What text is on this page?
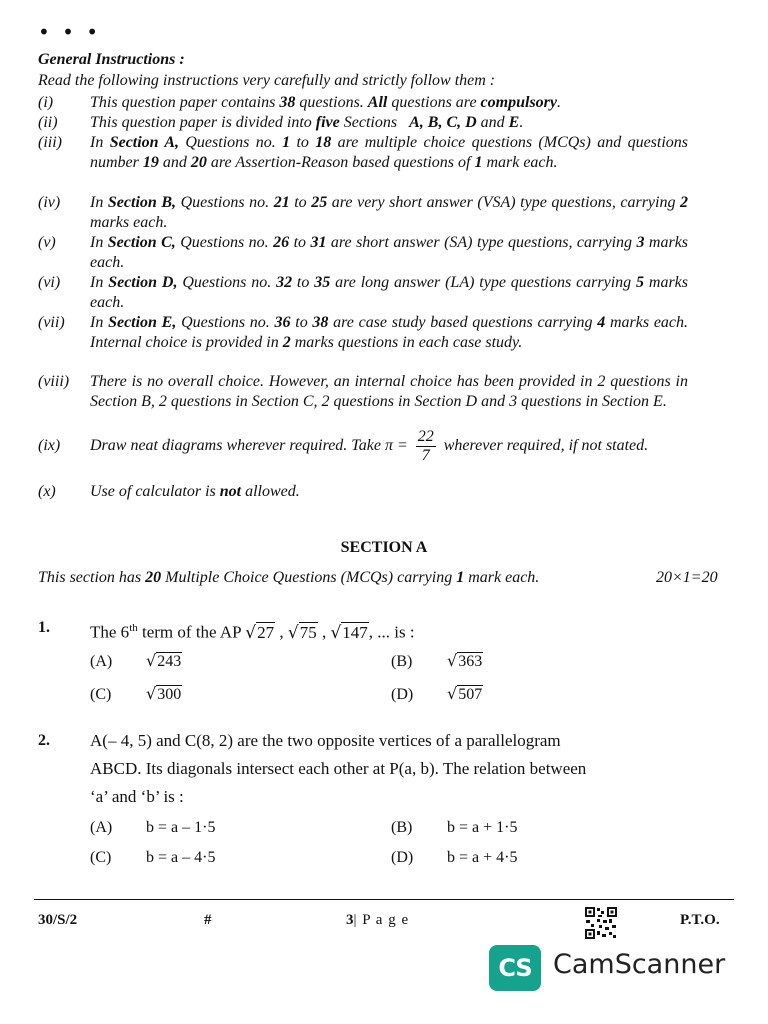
• • •
General Instructions :
Read the following instructions very carefully and strictly follow them :
(i)	This question paper contains 38 questions. All questions are compulsory.
(ii)	This question paper is divided into five Sections   A, B, C, D and E.
(iii)	In Section A, Questions no. 1 to 18 are multiple choice questions (MCQs) and questions number 19 and 20 are Assertion-Reason based questions of 1 mark each.
(iv)	In Section B, Questions no. 21 to 25 are very short answer (VSA) type questions, carrying 2 marks each.
(v)	In Section C, Questions no. 26 to 31 are short answer (SA) type questions, carrying 3 marks each.
(vi)	In Section D, Questions no. 32 to 35 are long answer (LA) type questions carrying 5 marks each.
(vii)	In Section E, Questions no. 36 to 38 are case study based questions carrying 4 marks each. Internal choice is provided in 2 marks questions in each case study.
(viii)	There is no overall choice. However, an internal choice has been provided in 2 questions in Section B, 2 questions in Section C, 2 questions in Section D and 3 questions in Section E.
(ix)	Draw neat diagrams wherever required. Take $\pi = \frac{22}{7}$ wherever required, if not stated.
(x)	Use of calculator is not allowed.
SECTION A
This section has 20 Multiple Choice Questions (MCQs) carrying 1 mark each.	20×1=20
1. The 6th term of the AP √27 , √75 , √147, ... is :
(A) √243	(B) √363
(C) √300	(D) √507
2. A(– 4, 5) and C(8, 2) are the two opposite vertices of a parallelogram
ABCD. Its diagonals intersect each other at P(a, b). The relation between
‘a’ and ‘b’ is :
(A) b = a – 1·5	(B) b = a + 1·5
(C) b = a – 4·5	(D) b = a + 4·5
30/S/2	#	3| P a g e	P.T.O.
CS CamScanner
